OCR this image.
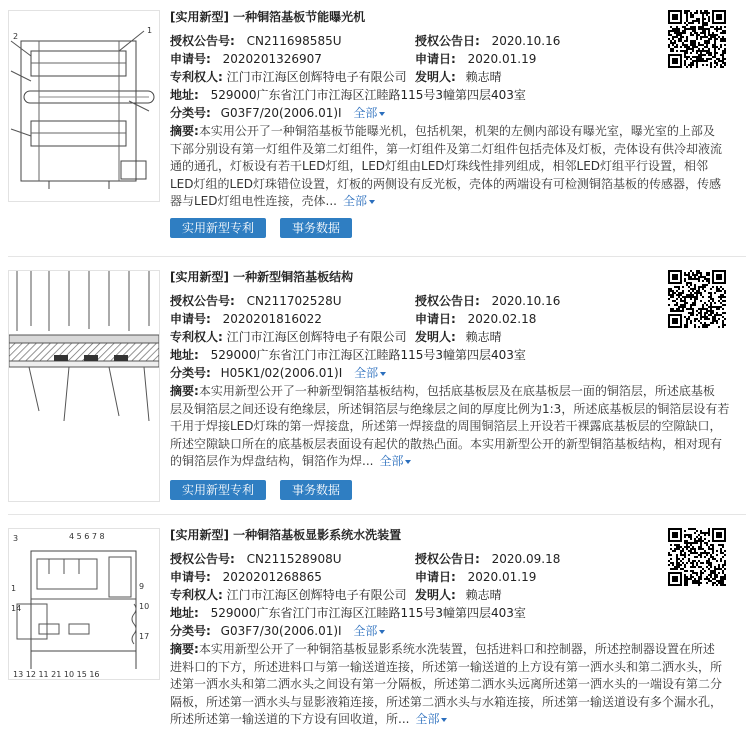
1
2
[实用新型] 一种铜箔基板节能曝光机
授权公告号: CN211698585U	授权公告日: 2020.10.16
申请号: 2020201326907	申请日: 2020.01.19
专利权人: 江门市江海区创辉特电子有限公司 发明人: 赖志晴
地址: 529000广东省江门市江海区江睦路115号3幢第四层403室
分类号: G03F7/20(2006.01)I 全部
摘要:本实用公开了一种铜箔基板节能曝光机，包括机架，机架的左侧内部设有曝光室，曝光室的上部及
下部分别设有第一灯组件及第二灯组件，第一灯组件及第二灯组件包括壳体及灯板，壳体设有供冷却液流
通的通孔，灯板设有若干LED灯组，LED灯组由LED灯珠线性排列组成，相邻LED灯组平行设置，相邻
LED灯组的LED灯珠错位设置，灯板的两侧设有反光板，壳体的两端设有可检测铜箔基板的传感器，传感
器与LED灯组电性连接，壳体... 全部
实用新型专利	事务数据
[实用新型] 一种新型铜箔基板结构
授权公告号: CN211702528U	授权公告日: 2020.10.16
申请号: 2020201816022	申请日: 2020.02.18
专利权人: 江门市江海区创辉特电子有限公司 发明人: 赖志晴
地址: 529000广东省江门市江海区江睦路115号3幢第四层403室
分类号: H05K1/02(2006.01)I 全部
摘要:本实用新型公开了一种新型铜箔基板结构，包括底基板层及在底基板层一面的铜箔层，所述底基板
层及铜箔层之间还设有绝缘层，所述铜箔层与绝缘层之间的厚度比例为1:3，所述底基板层的铜箔层设有若
干用于焊接LED灯珠的第一焊接盘，所述第一焊接盘的周围铜箔层上开设若干裸露底基板层的空隙缺口，
所述空隙缺口所在的底基板层表面设有起伏的散热凸面。本实用新型公开的新型铜箔基板结构，相对现有
的铜箔层作为焊盘结构，铜箔作为焊... 全部
实用新型专利	事务数据
3	4 5 6 7 8
1
14
9
10
17
13 12 11 21 10 15 16
[实用新型] 一种铜箔基板显影系统水洗装置
授权公告号: CN211528908U	授权公告日: 2020.09.18
申请号: 2020201268865	申请日: 2020.01.19
专利权人: 江门市江海区创辉特电子有限公司 发明人: 赖志晴
地址: 529000广东省江门市江海区江睦路115号3幢第四层403室
分类号: G03F7/30(2006.01)I 全部
摘要:本实用新型公开了一种铜箔基板显影系统水洗装置，包括进料口和控制器，所述控制器设置在所述
进料口的下方，所述进料口与第一输送道连接，所述第一输送道的上方设有第一洒水头和第二洒水头，所
述第一洒水头和第二洒水头之间设有第一分隔板，所述第二洒水头远离所述第一洒水头的一端设有第二分
隔板，所述第一洒水头与显影液箱连接，所述第二洒水头与水箱连接，所述第一输送道设有多个漏水孔，
所述所述第一输送道的下方设有回收道，所... 全部
